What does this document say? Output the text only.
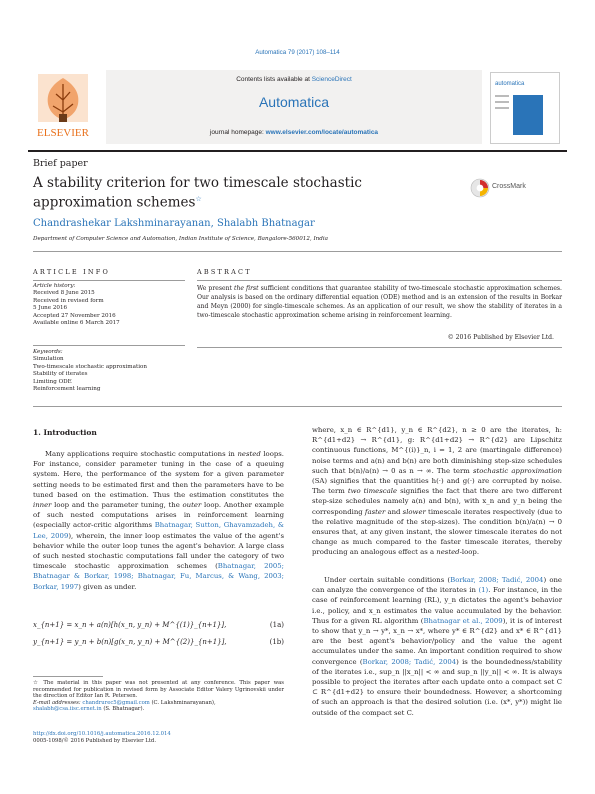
Automatica 79 (2017) 108–114
ELSEVIER
Contents lists available at ScienceDirect
Automatica
journal homepage: www.elsevier.com/locate/automatica
automatica
Brief paper
A stability criterion for two timescale stochastic approximation schemes☆
CrossMark
Chandrashekar Lakshminarayanan, Shalabh Bhatnagar
Department of Computer Science and Automation, Indian Institute of Science, Bangalore-560012, India
ARTICLE INFO	ABSTRACT
Article history:
Received 8 June 2015
Received in revised form
5 June 2016
Accepted 27 November 2016
Available online 6 March 2017
Keywords:
Simulation
Two-timescale stochastic approximation
Stability of iterates
Limiting ODE
Reinforcement learning
We present the first sufficient conditions that guarantee stability of two-timescale stochastic approximation schemes. Our analysis is based on the ordinary differential equation (ODE) method and is an extension of the results in Borkar and Meyn (2000) for single-timescale schemes. As an application of our result, we show the stability of iterates in a two-timescale stochastic approximation scheme arising in reinforcement learning.
© 2016 Published by Elsevier Ltd.
1. Introduction
Many applications require stochastic computations in nested loops. For instance, consider parameter tuning in the case of a queuing system. Here, the performance of the system for a given parameter setting needs to be estimated first and then the parameters have to be tuned based on the estimation. Thus the estimation constitutes the inner loop and the parameter tuning, the outer loop. Another example of such nested computations arises in reinforcement learning (especially actor-critic algorithms Bhatnagar, Sutton, Ghavamzadeh, & Lee, 2009), wherein, the inner loop estimates the value of the agent's behavior while the outer loop tunes the agent's behavior. A large class of such nested stochastic computations fall under the category of two timescale stochastic approximation schemes (Bhatnagar, 2005; Bhatnagar & Borkar, 1998; Bhatnagar, Fu, Marcus, & Wang, 2003; Borkar, 1997) given as under.
x_{n+1} = x_n + a(n)[h(x_n, y_n) + M^{(1)}_{n+1}],	(1a)
y_{n+1} = y_n + b(n)[g(x_n, y_n) + M^{(2)}_{n+1}],	(1b)
☆ The material in this paper was not presented at any conference. This paper was recommended for publication in revised form by Associate Editor Valery Ugrinovskii under the direction of Editor Ian R. Petersen.
E-mail addresses: chandrurec5@gmail.com (C. Lakshminarayanan),
shalabh@csa.iisc.ernet.in (S. Bhatnagar).
http://dx.doi.org/10.1016/j.automatica.2016.12.014
0005-1098/© 2016 Published by Elsevier Ltd.
where, x_n ∈ R^{d1}, y_n ∈ R^{d2}, n ≥ 0 are the iterates, h: R^{d1+d2} → R^{d1}, g: R^{d1+d2} → R^{d2} are Lipschitz continuous functions, M^{(i)}_n, i = 1, 2 are (martingale difference) noise terms and a(n) and b(n) are both diminishing step-size schedules such that b(n)/a(n) → 0 as n → ∞. The term stochastic approximation (SA) signifies that the quantities h(·) and g(·) are corrupted by noise. The term two timescale signifies the fact that there are two different step-size schedules namely a(n) and b(n), with x_n and y_n being the corresponding faster and slower timescale iterates respectively (due to the relative magnitude of the step-sizes). The condition b(n)/a(n) → 0 ensures that, at any given instant, the slower timescale iterates do not change as much compared to the faster timescale iterates, thereby producing an analogous effect as a nested-loop.
Under certain suitable conditions (Borkar, 2008; Tadić, 2004) one can analyze the convergence of the iterates in (1). For instance, in the case of reinforcement learning (RL), y_n dictates the agent's behavior i.e., policy, and x_n estimates the value accumulated by the behavior. Thus for a given RL algorithm (Bhatnagar et al., 2009), it is of interest to show that y_n → y*, x_n → x*, where y* ∈ R^{d2} and x* ∈ R^{d1} are the best agent's behavior/policy and the value the agent accumulates under the same. An important condition required to show convergence (Borkar, 2008; Tadić, 2004) is the boundedness/stability of the iterates i.e., sup_n ||x_n|| < ∞ and sup_n ||y_n|| < ∞. It is always possible to project the iterates after each update onto a compact set C ⊂ R^{d1+d2} to ensure their boundedness. However, a shortcoming of such an approach is that the desired solution (i.e. (x*, y*)) might lie outside of the compact set C.
